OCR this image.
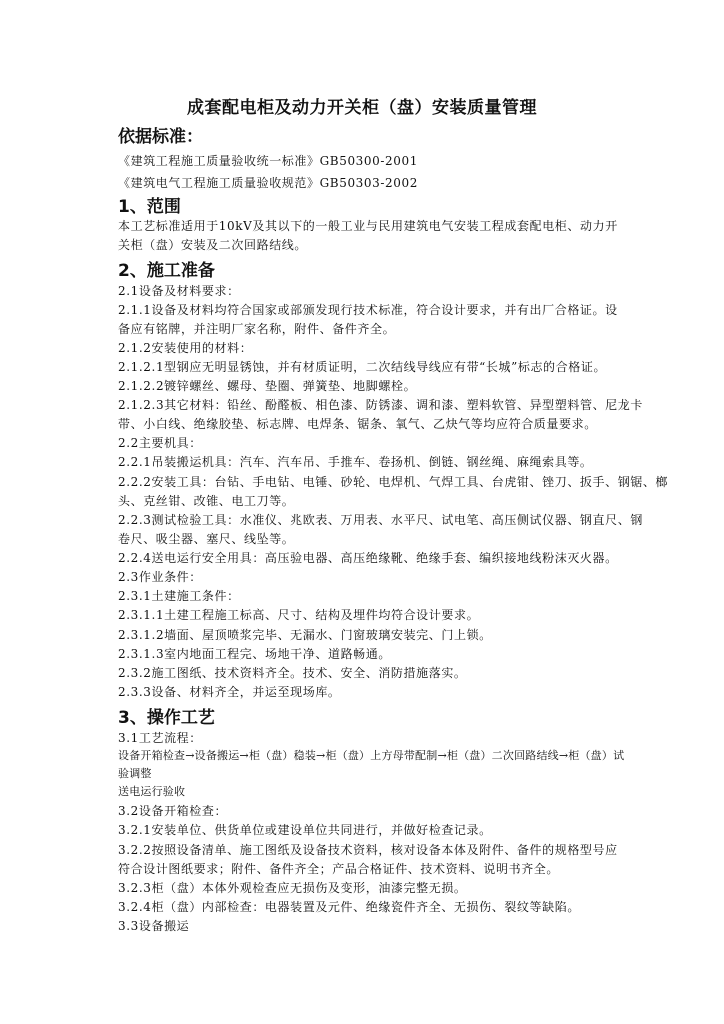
成套配电柜及动力开关柜（盘）安装质量管理
依据标准：
《建筑工程施工质量验收统一标准》GB50300-2001
《建筑电气工程施工质量验收规范》GB50303-2002
1、范围
本工艺标准适用于10kV及其以下的一般工业与民用建筑电气安装工程成套配电柜、动力开
关柜（盘）安装及二次回路结线。
2、施工准备
2.1设备及材料要求：
2.1.1设备及材料均符合国家或部颁发现行技术标准，符合设计要求，并有出厂合格证。设
备应有铭牌，并注明厂家名称，附件、备件齐全。
2.1.2安装使用的材料：
2.1.2.1型钢应无明显锈蚀，并有材质证明，二次结线导线应有带“长城”标志的合格证。
2.1.2.2镀锌螺丝、螺母、垫圈、弹簧垫、地脚螺栓。
2.1.2.3其它材料：铅丝、酚醛板、相色漆、防锈漆、调和漆、塑料软管、异型塑料管、尼龙卡
带、小白线、绝缘胶垫、标志牌、电焊条、锯条、氧气、乙炔气等均应符合质量要求。
2.2主要机具：
2.2.1吊装搬运机具：汽车、汽车吊、手推车、卷扬机、倒链、钢丝绳、麻绳索具等。
2.2.2安装工具：台钻、手电钻、电锤、砂轮、电焊机、气焊工具、台虎钳、锉刀、扳手、钢锯、榔
头、克丝钳、改锥、电工刀等。
2.2.3测试检验工具：水准仪、兆欧表、万用表、水平尺、试电笔、高压侧试仪器、钢直尺、钢
卷尺、吸尘器、塞尺、线坠等。
2.2.4送电运行安全用具：高压验电器、高压绝缘靴、绝缘手套、编织接地线粉沫灭火器。
2.3作业条件：
2.3.1土建施工条件：
2.3.1.1土建工程施工标高、尺寸、结构及埋件均符合设计要求。
2.3.1.2墙面、屋顶喷浆完毕、无漏水、门窗玻璃安装完、门上锁。
2.3.1.3室内地面工程完、场地干净、道路畅通。
2.3.2施工图纸、技术资料齐全。技术、安全、消防措施落实。
2.3.3设备、材料齐全，并运至现场库。
3、操作工艺
3.1工艺流程：
设备开箱检查→设备搬运→柜（盘）稳装→柜（盘）上方母带配制→柜（盘）二次回路结线→柜（盘）试
验调整
送电运行验收
3.2设备开箱检查：
3.2.1安装单位、供货单位或建设单位共同进行，并做好检查记录。
3.2.2按照设备清单、施工图纸及设备技术资料，核对设备本体及附件、备件的规格型号应
符合设计图纸要求；附件、备件齐全；产品合格证件、技术资料、说明书齐全。
3.2.3柜（盘）本体外观检查应无损伤及变形，油漆完整无损。
3.2.4柜（盘）内部检查：电器装置及元件、绝缘瓷件齐全、无损伤、裂纹等缺陷。
3.3设备搬运
